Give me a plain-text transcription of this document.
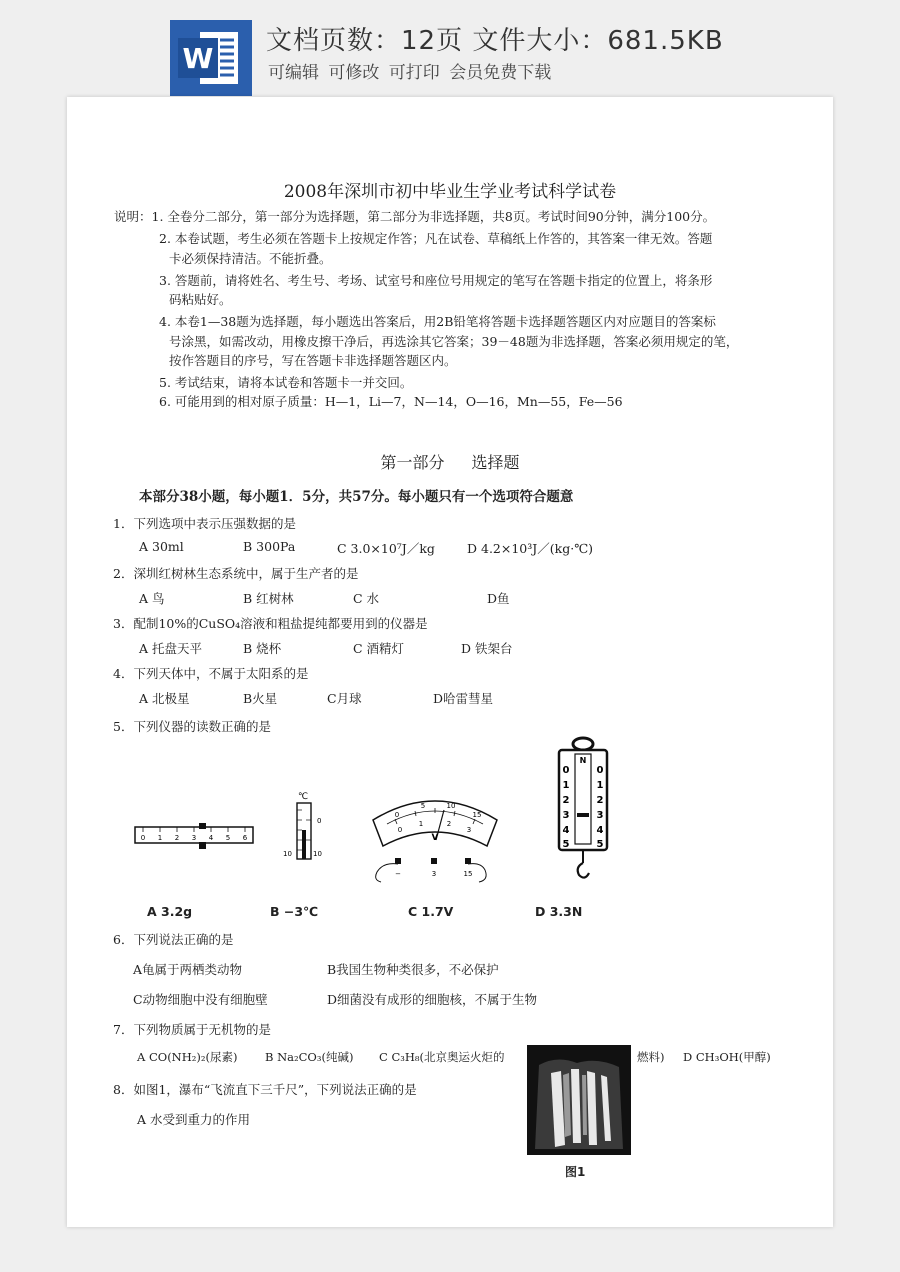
W
文档页数：12页 文件大小：681.5KB
可编辑 可修改 可打印 会员免费下载
2008年深圳市初中毕业生学业考试科学试卷
说明：1. 全卷分二部分，第一部分为选择题，第二部分为非选择题，共8页。考试时间90分钟，满分100分。
2. 本卷试题，考生必须在答题卡上按规定作答；凡在试卷、草稿纸上作答的，其答案一律无效。答题
卡必须保持清洁。不能折叠。
3. 答题前，请将姓名、考生号、考场、试室号和座位号用规定的笔写在答题卡指定的位置上，将条形
码粘贴好。
4. 本卷1—38题为选择题，每小题选出答案后，用2B铅笔将答题卡选择题答题区内对应题目的答案标
号涂黑，如需改动，用橡皮擦干净后，再选涂其它答案；39－48题为非选择题，答案必须用规定的笔，
按作答题目的序号，写在答题卡非选择题答题区内。
5. 考试结束，请将本试卷和答题卡一并交回。
6. 可能用到的相对原子质量：H—1，Li—7，N—14，O—16，Mn—55，Fe—56
第一部分 选择题
本部分38小题，每小题1．5分，共57分。每小题只有一个选项符合题意
1．下列选项中表示压强数据的是
A 30ml	B 300Pa	C 3.0×10⁷J／kg	D 4.2×10³J／(kg·℃)
2．深圳红树林生态系统中，属于生产者的是
A 鸟	B 红树林	C 水	D鱼
3．配制10%的CuSO₄溶液和粗盐提纯都要用到的仪器是
A 托盘天平	B 烧杯	C 酒精灯	D 铁架台
4．下列天体中，不属于太阳系的是
A 北极星	B火星	C月球	D哈雷彗星
5．下列仪器的读数正确的是
0 1 2 3 4 5 6
℃
0
10	10
0
5	10
15
0
1	2
3
V
−	3	15
N
0
1
2
3
4
5
0
1
2
3
4
5
A 3.2g	B −3℃	C 1.7V	D 3.3N
6．下列说法正确的是
A龟属于两栖类动物	B我国生物种类很多，不必保护
C动物细胞中没有细胞壁	D细菌没有成形的细胞核，不属于生物
7．下列物质属于无机物的是
A CO(NH₂)₂(尿素) B Na₂CO₃(纯碱) C C₃H₈(北京奥运火炬的	燃料) D CH₃OH(甲醇)
图1
8．如图1，瀑布“飞流直下三千尺”，下列说法正确的是
A 水受到重力的作用
